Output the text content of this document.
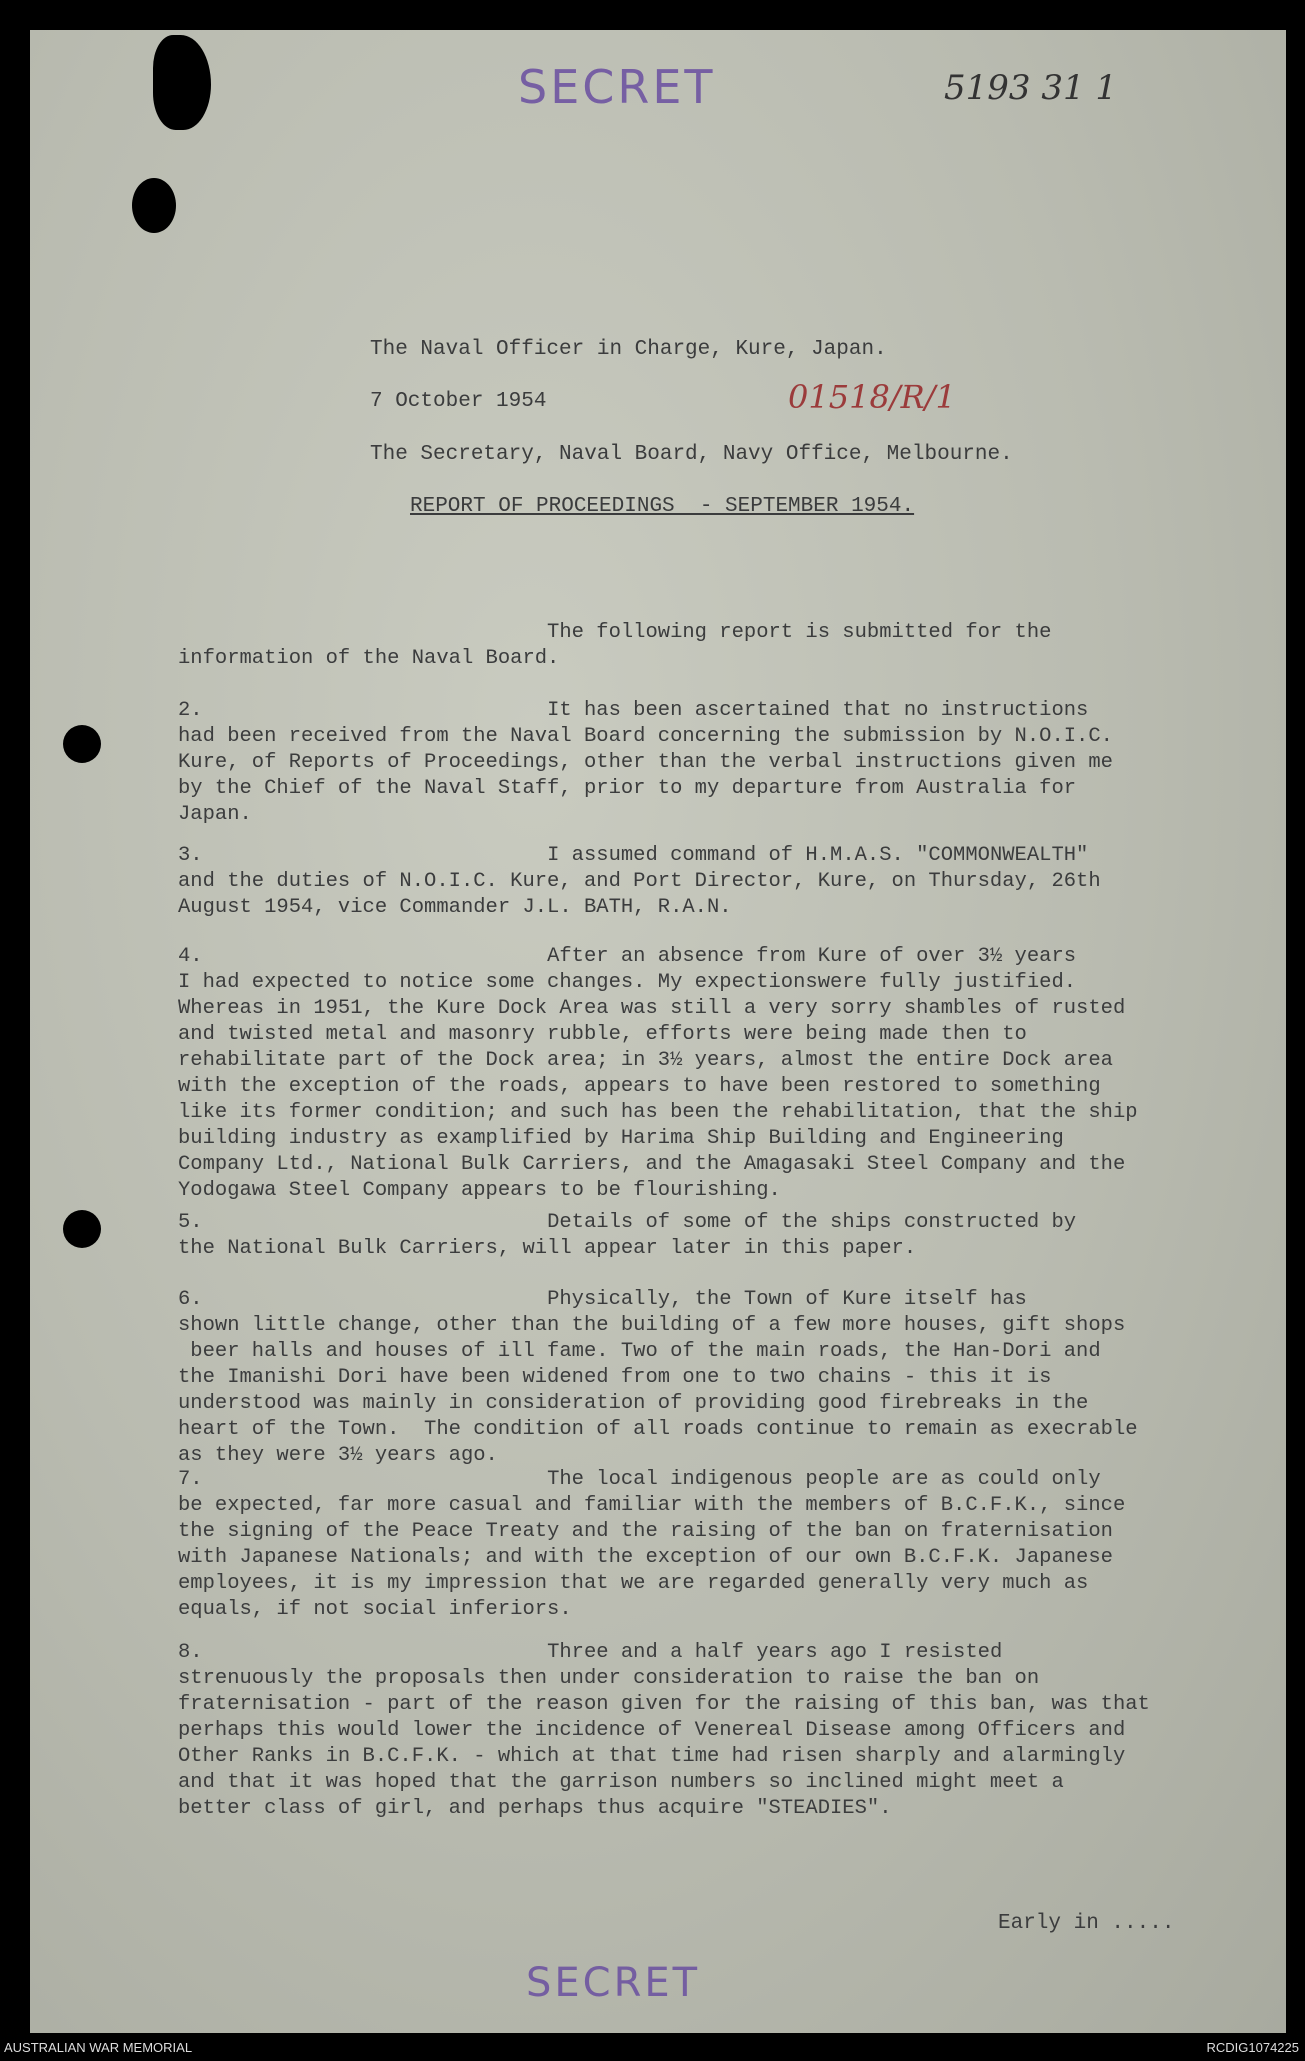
SECRET	5193 31 1
The Naval Officer in Charge, Kure, Japan.
7 October 1954	01518/R/1
The Secretary, Naval Board, Navy Office, Melbourne.
REPORT OF PROCEEDINGS  - SEPTEMBER 1954.
The following report is submitted for the
information of the Naval Board.
2.                            It has been ascertained that no instructions
had been received from the Naval Board concerning the submission by N.O.I.C.
Kure, of Reports of Proceedings, other than the verbal instructions given me
by the Chief of the Naval Staff, prior to my departure from Australia for
Japan.
3.                            I assumed command of H.M.A.S. "COMMONWEALTH"
and the duties of N.O.I.C. Kure, and Port Director, Kure, on Thursday, 26th
August 1954, vice Commander J.L. BATH, R.A.N.
4.                            After an absence from Kure of over 3½ years
I had expected to notice some changes. My expectionswere fully justified.
Whereas in 1951, the Kure Dock Area was still a very sorry shambles of rusted
and twisted metal and masonry rubble, efforts were being made then to
rehabilitate part of the Dock area; in 3½ years, almost the entire Dock area
with the exception of the roads, appears to have been restored to something
like its former condition; and such has been the rehabilitation, that the ship
building industry as examplified by Harima Ship Building and Engineering
Company Ltd., National Bulk Carriers, and the Amagasaki Steel Company and the
Yodogawa Steel Company appears to be flourishing.
5.                            Details of some of the ships constructed by
the National Bulk Carriers, will appear later in this paper.
6.                            Physically, the Town of Kure itself has
shown little change, other than the building of a few more houses, gift shops
beer halls and houses of ill fame. Two of the main roads, the Han-Dori and
the Imanishi Dori have been widened from one to two chains - this it is
understood was mainly in consideration of providing good firebreaks in the
heart of the Town.  The condition of all roads continue to remain as execrable
as they were 3½ years ago.
7.                            The local indigenous people are as could only
be expected, far more casual and familiar with the members of B.C.F.K., since
the signing of the Peace Treaty and the raising of the ban on fraternisation
with Japanese Nationals; and with the exception of our own B.C.F.K. Japanese
employees, it is my impression that we are regarded generally very much as
equals, if not social inferiors.
8.                            Three and a half years ago I resisted
strenuously the proposals then under consideration to raise the ban on
fraternisation - part of the reason given for the raising of this ban, was that
perhaps this would lower the incidence of Venereal Disease among Officers and
Other Ranks in B.C.F.K. - which at that time had risen sharply and alarmingly
and that it was hoped that the garrison numbers so inclined might meet a
better class of girl, and perhaps thus acquire "STEADIES".
Early in .....
SECRET
AUSTRALIAN WAR MEMORIAL	RCDIG1074225
